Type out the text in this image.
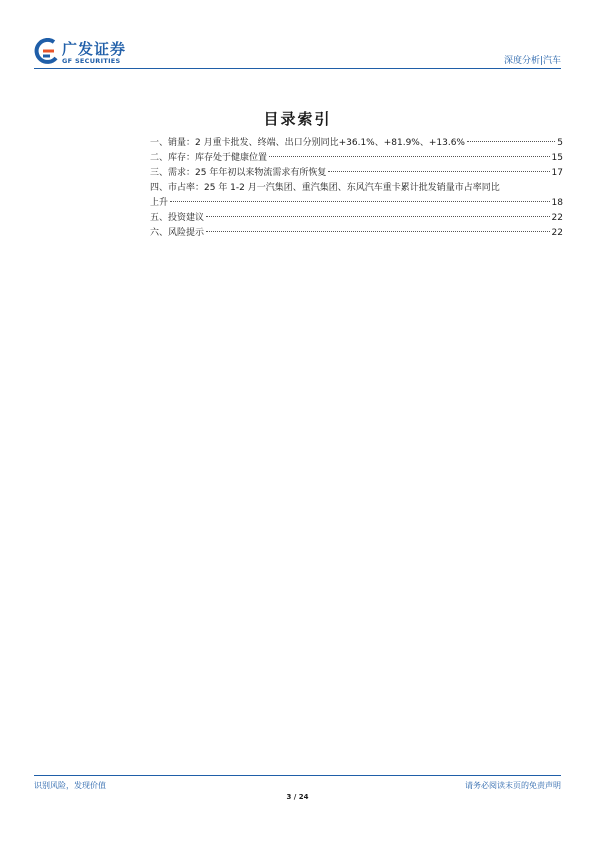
广发证券
GF SECURITIES	深度分析|汽车
目录索引
一、销量：2 月重卡批发、终端、出口分别同比+36.1%、+81.9%、+13.6%	5
二、库存：库存处于健康位置	15
三、需求：25 年年初以来物流需求有所恢复	17
四、市占率：25 年 1-2 月一汽集团、重汽集团、东风汽车重卡累计批发销量市占率同比
上升	18
五、投资建议	22
六、风险提示	22
识别风险，发现价值	请务必阅读末页的免责声明
3 / 24
